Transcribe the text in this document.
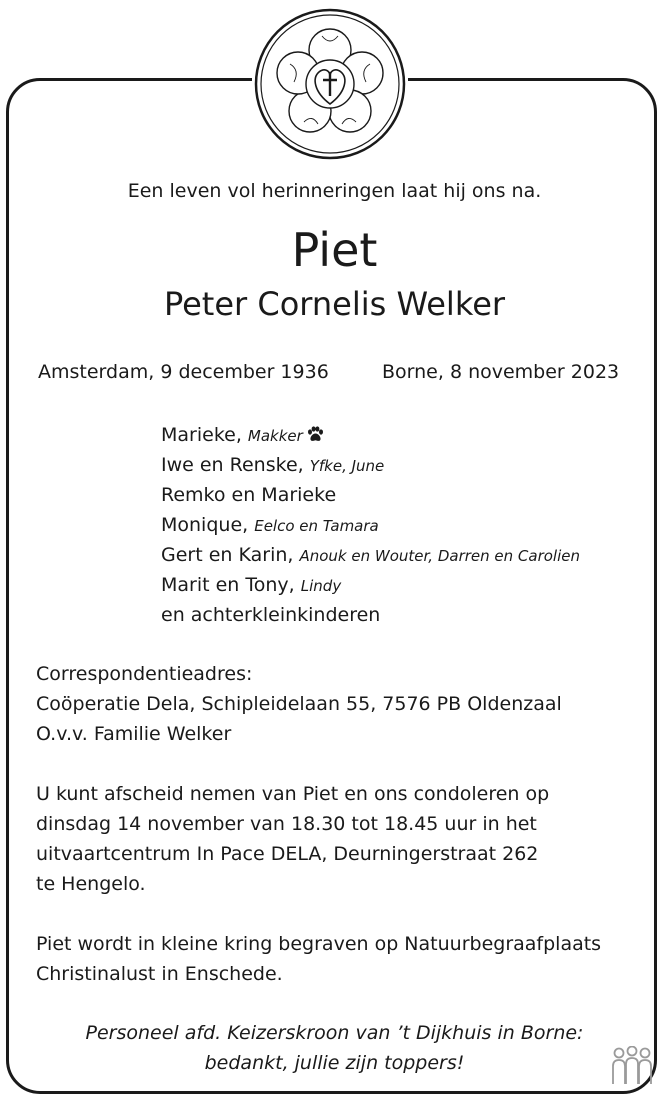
Een leven vol herinneringen laat hij ons na.
Piet
Peter Cornelis Welker
Amsterdam, 9 december 1936	Borne, 8 november 2023
Marieke, Makker
Iwe en Renske, Yfke, June
Remko en Marieke
Monique, Eelco en Tamara
Gert en Karin, Anouk en Wouter, Darren en Carolien
Marit en Tony, Lindy
en achterkleinkinderen
Correspondentieadres:
Coöperatie Dela, Schipleidelaan 55, 7576 PB Oldenzaal
O.v.v. Familie Welker
U kunt afscheid nemen van Piet en ons condoleren op
dinsdag 14 november van 18.30 tot 18.45 uur in het
uitvaartcentrum In Pace DELA, Deurningerstraat 262
te Hengelo.
Piet wordt in kleine kring begraven op Natuurbegraafplaats
Christinalust in Enschede.
Personeel afd. Keizerskroon van ’t Dijkhuis in Borne:
bedankt, jullie zijn toppers!
